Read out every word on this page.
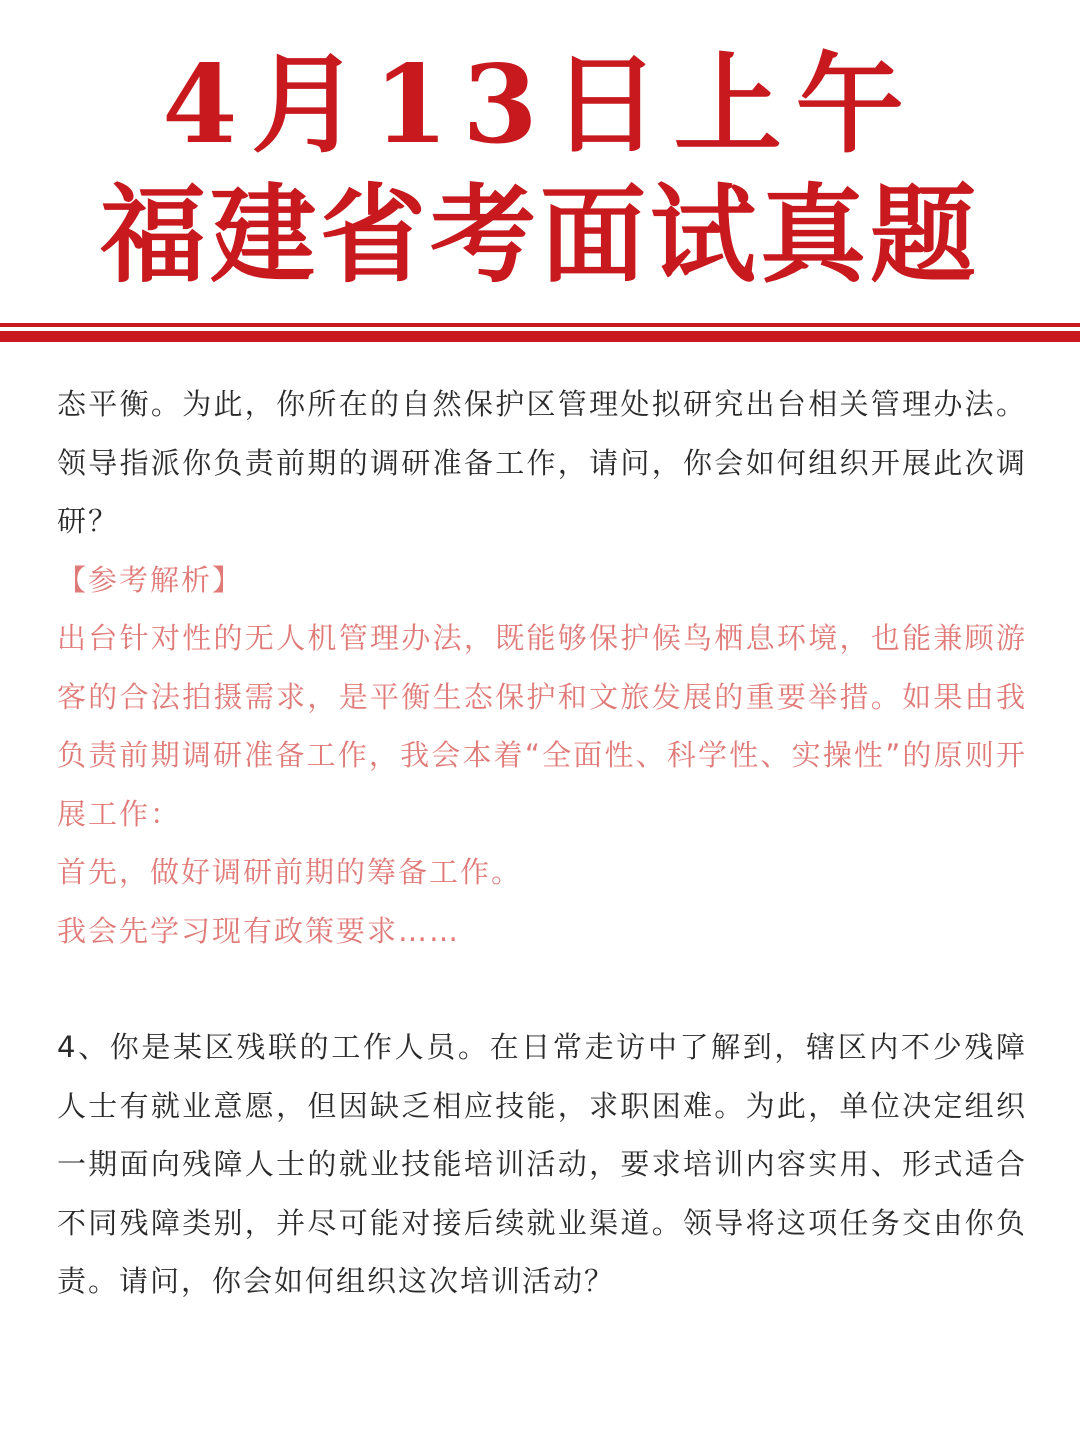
4月13日上午
福建省考面试真题

态平衡。为此，你所在的自然保护区管理处拟研究出台相关管理办法。领导指派你负责前期的调研准备工作，请问，你会如何组织开展此次调研？

【参考解析】

出台针对性的无人机管理办法，既能够保护候鸟栖息环境，也能兼顾游客的合法拍摄需求，是平衡生态保护和文旅发展的重要举措。如果由我负责前期调研准备工作，我会本着“全面性、科学性、实操性”的原则开展工作：

首先，做好调研前期的筹备工作。

我会先学习现有政策要求……

4、你是某区残联的工作人员。在日常走访中了解到，辖区内不少残障人士有就业意愿，但因缺乏相应技能，求职困难。为此，单位决定组织一期面向残障人士的就业技能培训活动，要求培训内容实用、形式适合不同残障类别，并尽可能对接后续就业渠道。领导将这项任务交由你负责。请问，你会如何组织这次培训活动？
